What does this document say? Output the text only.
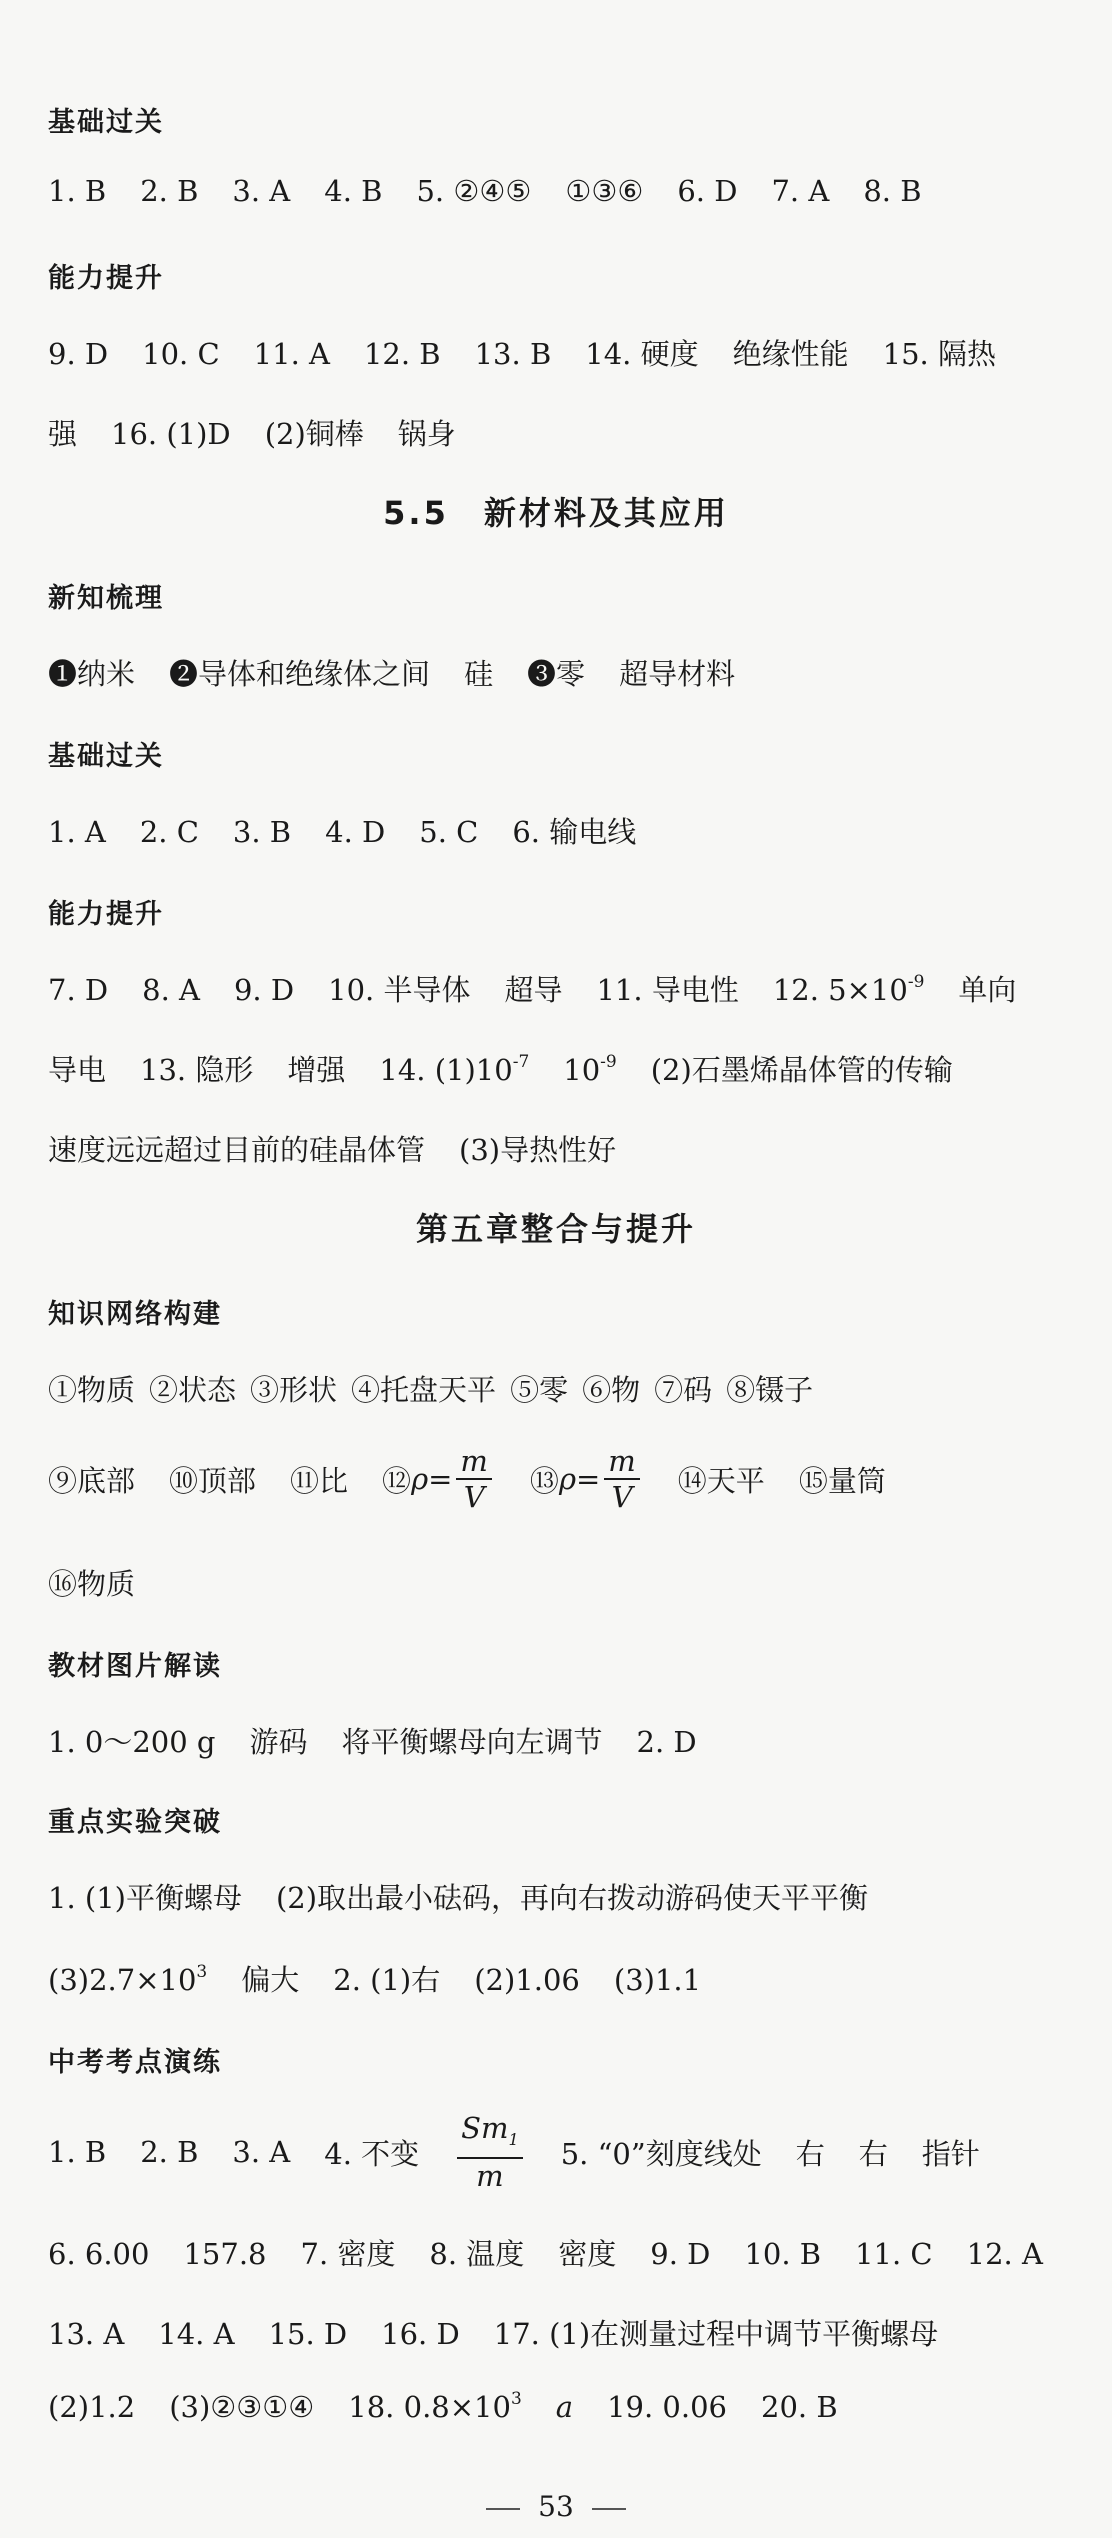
基础过关
1. B 2. B 3. A 4. B 5. ②④⑤ ①③⑥ 6. D 7. A 8. B
能力提升
9. D 10. C 11. A 12. B 13. B 14. 硬度 绝缘性能 15. 隔热
强 16. (1)D (2)铜棒 锅身
5.5　新材料及其应用
新知梳理
❶纳米 ❷导体和绝缘体之间 硅 ❸零 超导材料
基础过关
1. A 2. C 3. B 4. D 5. C 6. 输电线
能力提升
7. D 8. A 9. D 10. 半导体 超导 11. 导电性 12. $5\times 10^{-9}$ 单向
导电 13. 隐形 增强 14. $(1)10^{-7}$ $10^{-9}$ (2)石墨烯晶体管的传输
速度远远超过目前的硅晶体管 (3)导热性好
第五章整合与提升
知识网络构建
①物质 ②状态 ③形状 ④托盘天平 ⑤零 ⑥物 ⑦码 ⑧镊子
⑨底部 ⑩顶部 ⑪比 ⑫ $\rho= \frac{m}{V}$ ⑬ $\rho= \frac{m}{V}$ ⑭天平 ⑮量筒
⑯物质
教材图片解读
1. 0～200 g 游码 将平衡螺母向左调节 2. D
重点实验突破
1. (1)平衡螺母 (2)取出最小砝码，再向右拨动游码使天平平衡
$(3)2.7\times 10^3$ 偏大 2. (1)右 (2)1.06 (3)1.1
中考考点演练
1. B 2. B 3. A 4. 不变 $\frac{Sm_1}{m} 5$. “0”刻度线处 右 右 指针
6. 6.00 157.8 7. 密度 8. 温度 密度 9. D 10. B 11. C 12. A
13. A 14. A 15. D 16. D 17. (1)在测量过程中调节平衡螺母
(2)1.2 (3)②③①④ 18. $0.8\times 10^3$ a 19. 0.06 20. B
53
